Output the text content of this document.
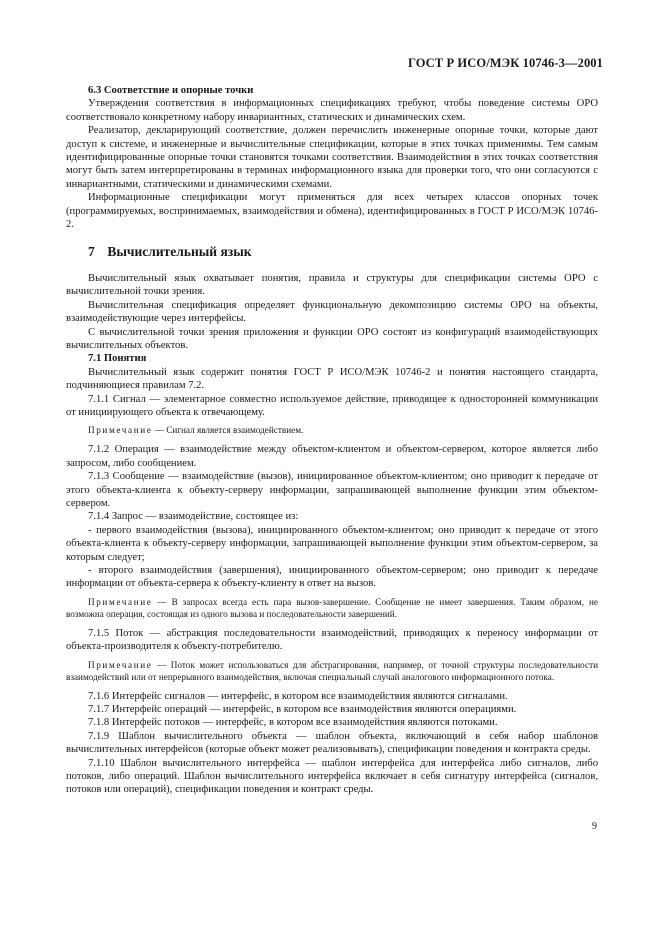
ГОСТ Р ИСО/МЭК 10746-3—2001

6.3 Соответствие и опорные точки

Утверждения соответствия в информационных спецификациях требуют, чтобы поведение системы ОРО соответствовало конкретному набору инвариантных, статических и динамических схем.

Реализатор, декларирующий соответствие, должен перечислить инженерные опорные точки, которые дают доступ к системе, и инженерные и вычислительные спецификации, которые в этих точках применимы. Тем самым идентифицированные опорные точки становятся точками соответствия. Взаимодействия в этих точках соответствия могут быть затем интерпретированы в терминах информационного языка для проверки того, что они согласуются с инвариантными, статическими и динамическими схемами.

Информационные спецификации могут применяться для всех четырех классов опорных точек (программируемых, воспринимаемых, взаимодействия и обмена), идентифицированных в ГОСТ Р ИСО/МЭК 10746-2.

7 Вычислительный язык

Вычислительный язык охватывает понятия, правила и структуры для спецификации системы ОРО с вычислительной точки зрения.

Вычислительная спецификация определяет функциональную декомпозицию системы ОРО на объекты, взаимодействующие через интерфейсы.

С вычислительной точки зрения приложения и функции ОРО состоят из конфигураций взаимодействующих вычислительных объектов.

7.1 Понятия

Вычислительный язык содержит понятия ГОСТ Р ИСО/МЭК 10746-2 и понятия настоящего стандарта, подчиняющиеся правилам 7.2.

7.1.1 Сигнал — элементарное совместно используемое действие, приводящее к односторонней коммуникации от инициирующего объекта к отвечающему.

Примечание — Сигнал является взаимодействием.

7.1.2 Операция — взаимодействие между объектом-клиентом и объектом-сервером, которое является либо запросом, либо сообщением.

7.1.3 Сообщение — взаимодействие (вызов), инициированное объектом-клиентом; оно приводит к передаче от этого объекта-клиента к объекту-серверу информации, запрашивающей выполнение функции этим объектом-сервером.

7.1.4 Запрос — взаимодействие, состоящее из:

- первого взаимодействия (вызова), инициированного объектом-клиентом; оно приводит к передаче от этого объекта-клиента к объекту-серверу информации, запрашивающей выполнение функции этим объектом-сервером, за которым следует;

- второго взаимодействия (завершения), инициированного объектом-сервером; оно приводит к передаче информации от объекта-сервера к объекту-клиенту в ответ на вызов.

Примечание — В запросах всегда есть пара вызов-завершение. Сообщение не имеет завершения. Таким образом, не возможна операция, состоящая из одного вызова и последовательности завершений.

7.1.5 Поток — абстракция последовательности взаимодействий, приводящих к переносу информации от объекта-производителя к объекту-потребителю.

Примечание — Поток может использоваться для абстрагирования, например, от точной структуры последовательности взаимодействий или от непрерывного взаимодействия, включая специальный случай аналогового информационного потока.

7.1.6 Интерфейс сигналов — интерфейс, в котором все взаимодействия являются сигналами.

7.1.7 Интерфейс операций — интерфейс, в котором все взаимодействия являются операциями.

7.1.8 Интерфейс потоков — интерфейс, в котором все взаимодействия являются потоками.

7.1.9 Шаблон вычислительного объекта — шаблон объекта, включающий в себя набор шаблонов вычислительных интерфейсов (которые объект может реализовывать), спецификации поведения и контракта среды.

7.1.10 Шаблон вычислительного интерфейса — шаблон интерфейса для интерфейса либо сигналов, либо потоков, либо операций. Шаблон вычислительного интерфейса включает в себя сигнатуру интерфейса (сигналов, потоков или операций), спецификации поведения и контракт среды.

9
